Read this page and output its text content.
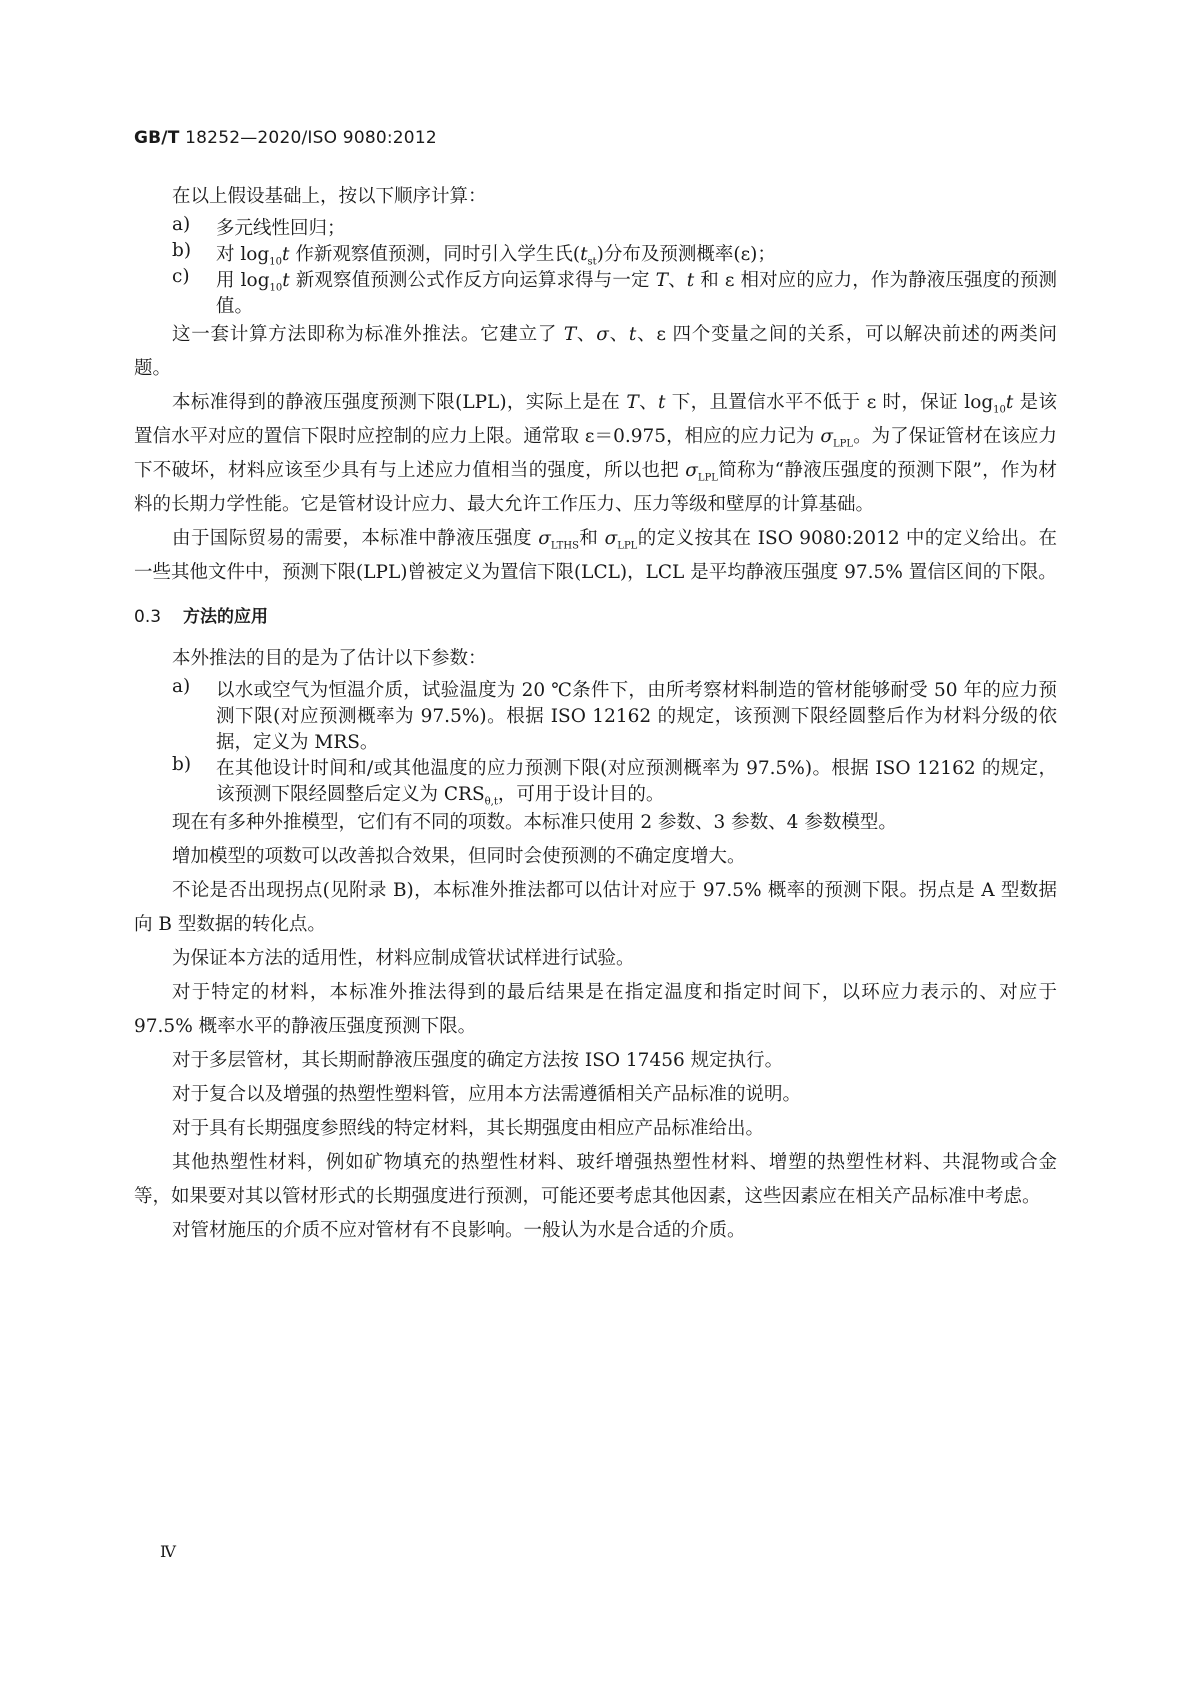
GB/T 18252—2020/ISO 9080:2012

在以上假设基础上，按以下顺序计算：

a)	多元线性回归；
b)	对 $\log_{10}t$ 作新观察值预测，同时引入学生氏$(t_{st})$分布及预测概率(ε)；
c)	用 $\log_{10}t$ 新观察值预测公式作反方向运算求得与一定 T、t 和 ε 相对应的应力，作为静液压强度的预测值。

这一套计算方法即称为标准外推法。它建立了 T、σ、t、ε 四个变量之间的关系，可以解决前述的两类问题。

本标准得到的静液压强度预测下限(LPL)，实际上是在 T、t 下，且置信水平不低于 ε 时，保证 $\log_{10}t$ 是该置信水平对应的置信下限时应控制的应力上限。通常取 ε＝0.975，相应的应力记为 $\sigma_{LPL}$。为了保证管材在该应力下不破坏，材料应该至少具有与上述应力值相当的强度，所以也把 $\sigma_{LPL}$简称为“静液压强度的预测下限”，作为材料的长期力学性能。它是管材设计应力、最大允许工作压力、压力等级和壁厚的计算基础。

由于国际贸易的需要，本标准中静液压强度 $\sigma_{LTHS}$和 $\sigma_{LPL}$的定义按其在 ISO 9080:2012 中的定义给出。在一些其他文件中，预测下限(LPL)曾被定义为置信下限(LCL)，LCL 是平均静液压强度 97.5% 置信区间的下限。

0.3 方法的应用

本外推法的目的是为了估计以下参数：

a)	以水或空气为恒温介质，试验温度为 20 ℃条件下，由所考察材料制造的管材能够耐受 50 年的应力预测下限(对应预测概率为 97.5%)。根据 ISO 12162 的规定，该预测下限经圆整后作为材料分级的依据，定义为 MRS。
b)	在其他设计时间和/或其他温度的应力预测下限(对应预测概率为 97.5%)。根据 ISO 12162 的规定，该预测下限经圆整后定义为 $CRS_{\theta,t}$，可用于设计目的。

现在有多种外推模型，它们有不同的项数。本标准只使用 2 参数、3 参数、4 参数模型。

增加模型的项数可以改善拟合效果，但同时会使预测的不确定度增大。

不论是否出现拐点(见附录 B)，本标准外推法都可以估计对应于 97.5% 概率的预测下限。拐点是 A 型数据向 B 型数据的转化点。

为保证本方法的适用性，材料应制成管状试样进行试验。

对于特定的材料，本标准外推法得到的最后结果是在指定温度和指定时间下，以环应力表示的、对应于 97.5% 概率水平的静液压强度预测下限。

对于多层管材，其长期耐静液压强度的确定方法按 ISO 17456 规定执行。

对于复合以及增强的热塑性塑料管，应用本方法需遵循相关产品标准的说明。

对于具有长期强度参照线的特定材料，其长期强度由相应产品标准给出。

其他热塑性材料，例如矿物填充的热塑性材料、玻纤增强热塑性材料、增塑的热塑性材料、共混物或合金等，如果要对其以管材形式的长期强度进行预测，可能还要考虑其他因素，这些因素应在相关产品标准中考虑。

对管材施压的介质不应对管材有不良影响。一般认为水是合适的介质。

Ⅳ
